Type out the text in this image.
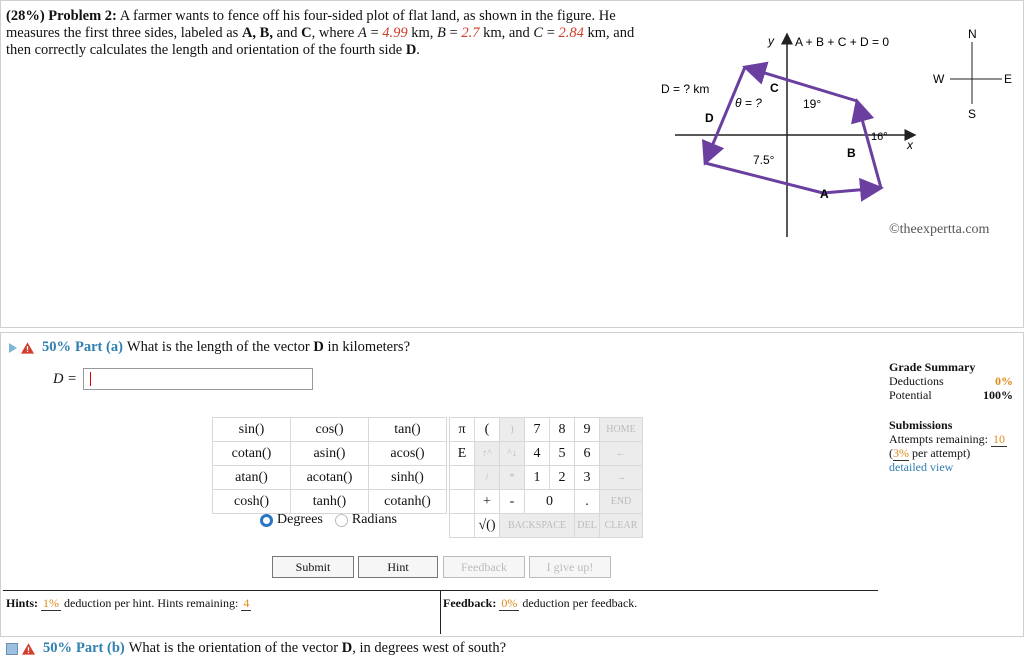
(28%) Problem 2: A farmer wants to fence off his four-sided plot of flat land, as shown in the figure. He measures the first three sides, labeled as A, B, and C, where A = 4.99 km, B = 2.7 km, and C = 2.84 km, and then correctly calculates the length and orientation of the fourth side D.
y
x
A + B + C + D = 0
D = ? km
θ = ?
D
C
19°
16°
B
7.5°
A
N
S
W	E
©theexpertta.com
50% Part (a) What is the length of the vector D in kilometers?
D =
sin()	cos()	tan()
cotan()	asin()	acos()
atan()	acotan()	sinh()
cosh()	tanh()	cotanh()
Degrees Radians
π	(	)	7	8	9	HOME
E	↑^	^↓	4	5	6	←
	/	*	1	2	3	→
	+	-	0		.	END
	√()	BACKSPACE			DEL	CLEAR
Submit	Hint	Feedback	I give up!
Hints: 1% deduction per hint. Hints remaining: 4	Feedback: 0% deduction per feedback.
Grade Summary
Deductions	0%
Potential	100%
Submissions
Attempts remaining: 10
(3% per attempt)
detailed view
50% Part (b) What is the orientation of the vector D, in degrees west of south?
